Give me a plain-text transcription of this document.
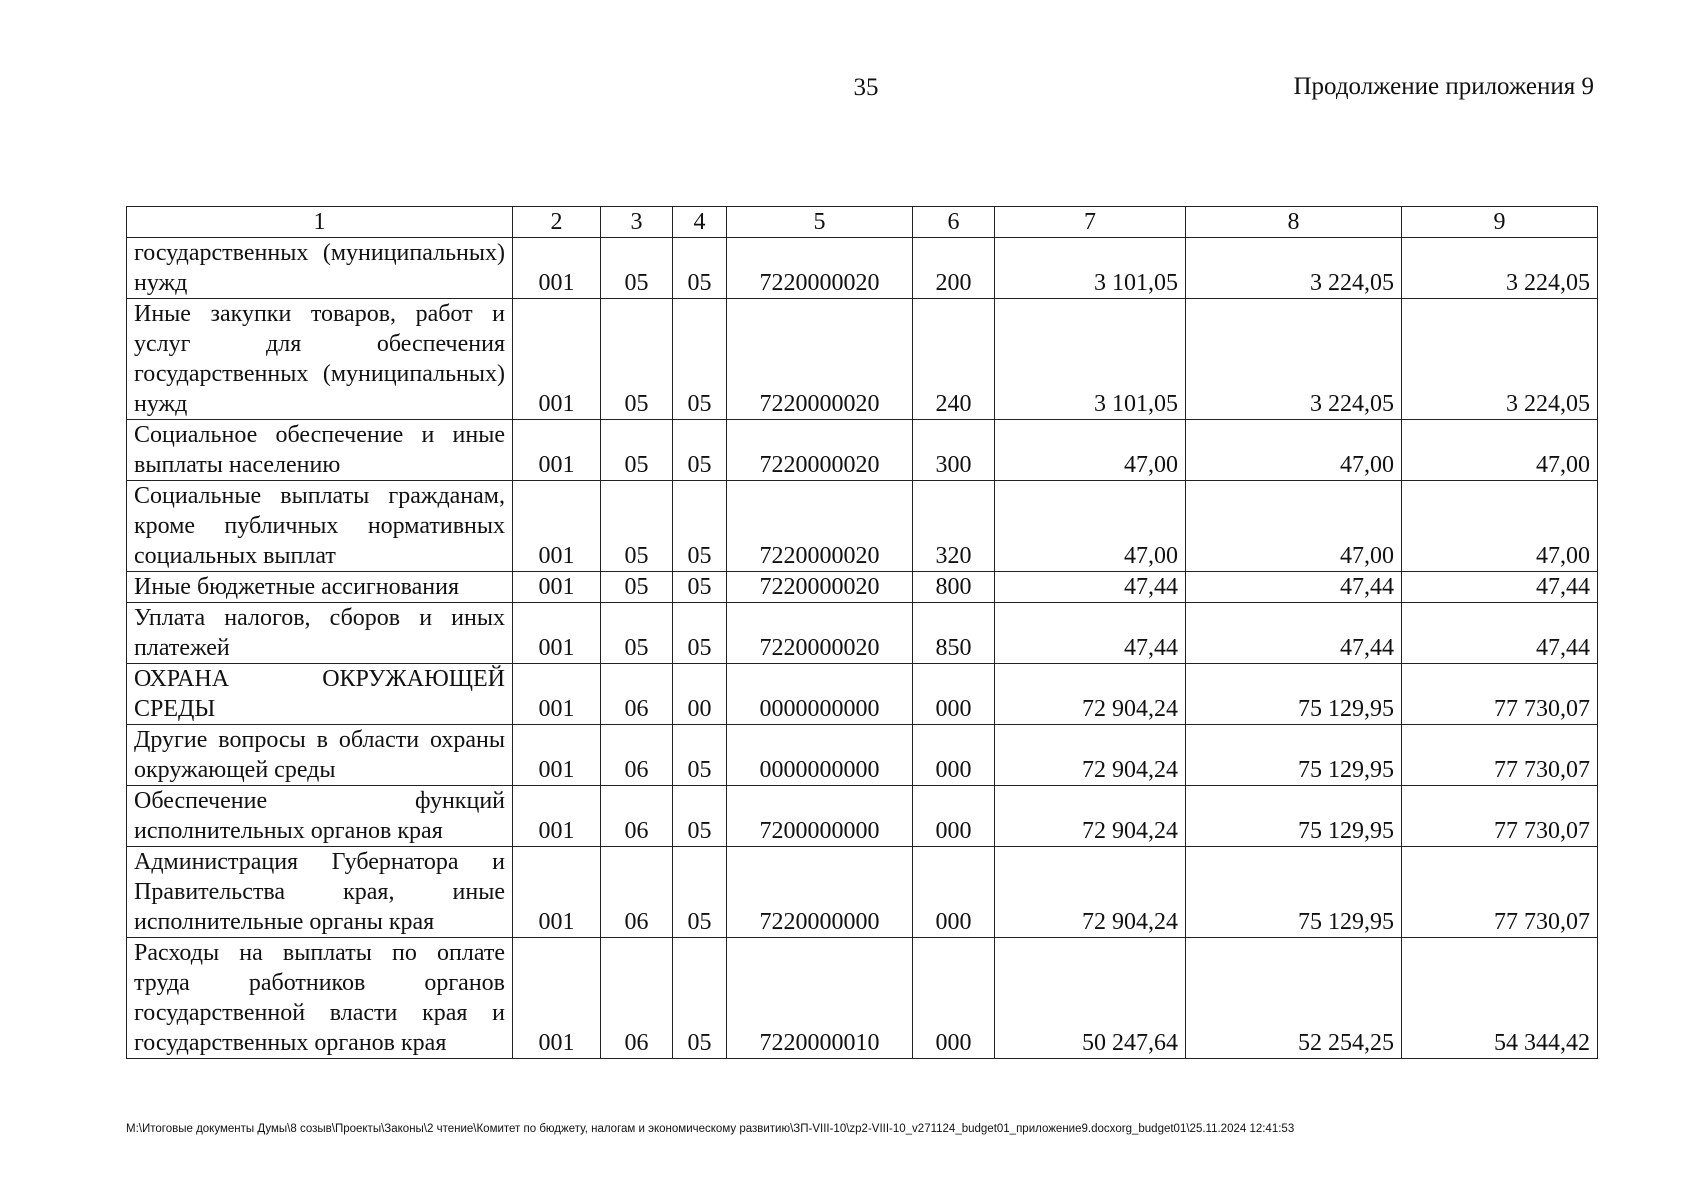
35	Продолжение приложения 9
1	2	3	4	5	6	7	8	9
государственных (муниципальных) нужд	001	05	05	7220000020	200	3 101,05	3 224,05	3 224,05
Иные закупки товаров, работ и услуг для обеспечения государственных (муниципальных) нужд	001	05	05	7220000020	240	3 101,05	3 224,05	3 224,05
Социальное обеспечение и иные выплаты населению	001	05	05	7220000020	300	47,00	47,00	47,00
Социальные выплаты гражданам, кроме публичных нормативных социальных выплат	001	05	05	7220000020	320	47,00	47,00	47,00
Иные бюджетные ассигнования	001	05	05	7220000020	800	47,44	47,44	47,44
Уплата налогов, сборов и иных платежей	001	05	05	7220000020	850	47,44	47,44	47,44
ОХРАНА ОКРУЖАЮЩЕЙ СРЕДЫ	001	06	00	0000000000	000	72 904,24	75 129,95	77 730,07
Другие вопросы в области охраны окружающей среды	001	06	05	0000000000	000	72 904,24	75 129,95	77 730,07
Обеспечение функций исполнительных органов края	001	06	05	7200000000	000	72 904,24	75 129,95	77 730,07
Администрация Губернатора и Правительства края, иные исполнительные органы края	001	06	05	7220000000	000	72 904,24	75 129,95	77 730,07
Расходы на выплаты по оплате труда работников органов государственной власти края и государственных органов края	001	06	05	7220000010	000	50 247,64	52 254,25	54 344,42
M:\Итоговые документы Думы\8 созыв\Проекты\Законы\2 чтение\Комитет по бюджету, налогам и экономическому развитию\ЗП-VIII-10\zp2-VIII-10_v271124_budget01_приложение9.docxorg_budget01\25.11.2024 12:41:53
